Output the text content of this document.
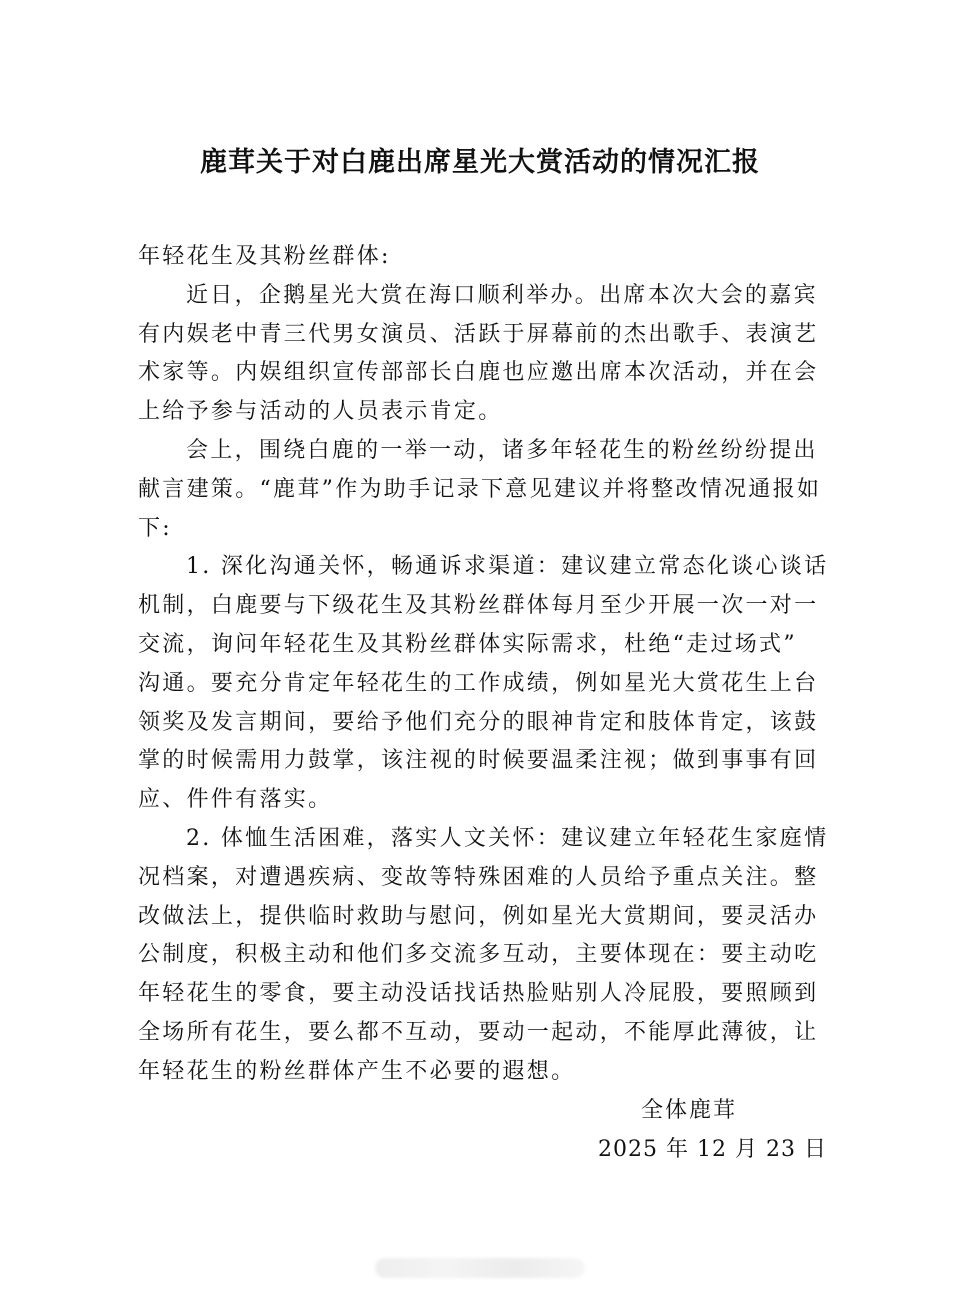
鹿茸关于对白鹿出席星光大赏活动的情况汇报
年轻花生及其粉丝群体:
近日，企鹅星光大赏在海口顺利举办。出席本次大会的嘉宾
有内娱老中青三代男女演员、活跃于屏幕前的杰出歌手、表演艺
术家等。内娱组织宣传部部长白鹿也应邀出席本次活动，并在会
上给予参与活动的人员表示肯定。
会上，围绕白鹿的一举一动，诸多年轻花生的粉丝纷纷提出
献言建策。“鹿茸”作为助手记录下意见建议并将整改情况通报如
下:
1. 深化沟通关怀，畅通诉求渠道：建议建立常态化谈心谈话
机制，白鹿要与下级花生及其粉丝群体每月至少开展一次一对一
交流，询问年轻花生及其粉丝群体实际需求，杜绝“走过场式”
沟通。要充分肯定年轻花生的工作成绩，例如星光大赏花生上台
领奖及发言期间，要给予他们充分的眼神肯定和肢体肯定，该鼓
掌的时候需用力鼓掌，该注视的时候要温柔注视；做到事事有回
应、件件有落实。
2. 体恤生活困难，落实人文关怀：建议建立年轻花生家庭情
况档案，对遭遇疾病、变故等特殊困难的人员给予重点关注。整
改做法上，提供临时救助与慰问，例如星光大赏期间，要灵活办
公制度，积极主动和他们多交流多互动，主要体现在：要主动吃
年轻花生的零食，要主动没话找话热脸贴别人冷屁股，要照顾到
全场所有花生，要么都不互动，要动一起动，不能厚此薄彼，让
年轻花生的粉丝群体产生不必要的遐想。
全体鹿茸
2025 年 12 月 23 日
